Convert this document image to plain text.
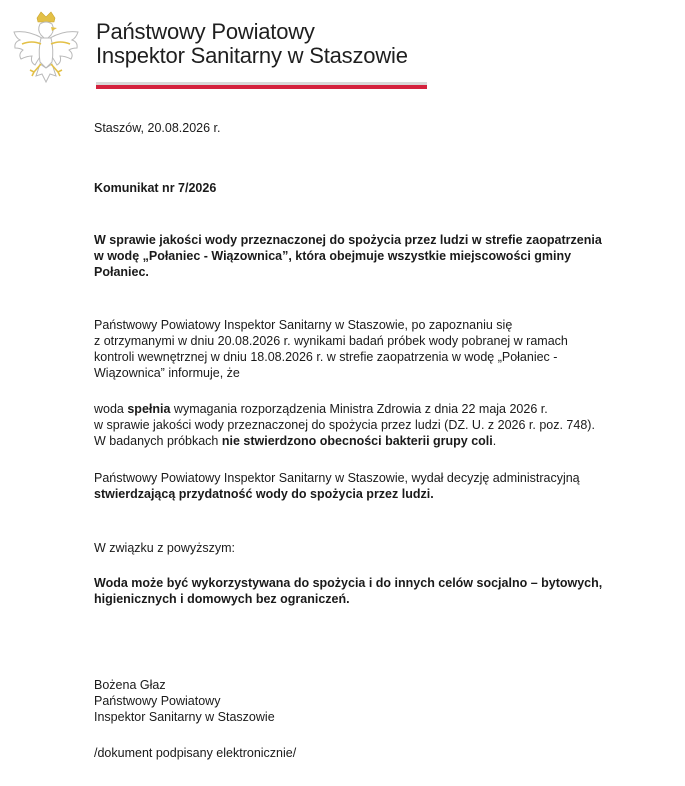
Państwowy Powiatowy
Inspektor Sanitarny w Staszowie
Staszów, 20.08.2026 r.
Komunikat nr 7/2026
W sprawie jakości wody przeznaczonej do spożycia przez ludzi w strefie zaopatrzenia
w wodę „Połaniec - Wiązownica”, która obejmuje wszystkie miejscowości gminy
Połaniec.
Państwowy Powiatowy Inspektor Sanitarny w Staszowie, po zapoznaniu się
z otrzymanymi w dniu 20.08.2026 r. wynikami badań próbek wody pobranej w ramach
kontroli wewnętrznej w dniu 18.08.2026 r. w strefie zaopatrzenia w wodę „Połaniec -
Wiązownica” informuje, że
woda spełnia wymagania rozporządzenia Ministra Zdrowia z dnia 22 maja 2026 r.
w sprawie jakości wody przeznaczonej do spożycia przez ludzi (DZ. U. z 2026 r. poz. 748).
W badanych próbkach nie stwierdzono obecności bakterii grupy coli.
Państwowy Powiatowy Inspektor Sanitarny w Staszowie, wydał decyzję administracyjną
stwierdzającą przydatność wody do spożycia przez ludzi.
W związku z powyższym:
Woda może być wykorzystywana do spożycia i do innych celów socjalno – bytowych,
higienicznych i domowych bez ograniczeń.
Bożena Głaz
Państwowy Powiatowy
Inspektor Sanitarny w Staszowie
/dokument podpisany elektronicznie/
